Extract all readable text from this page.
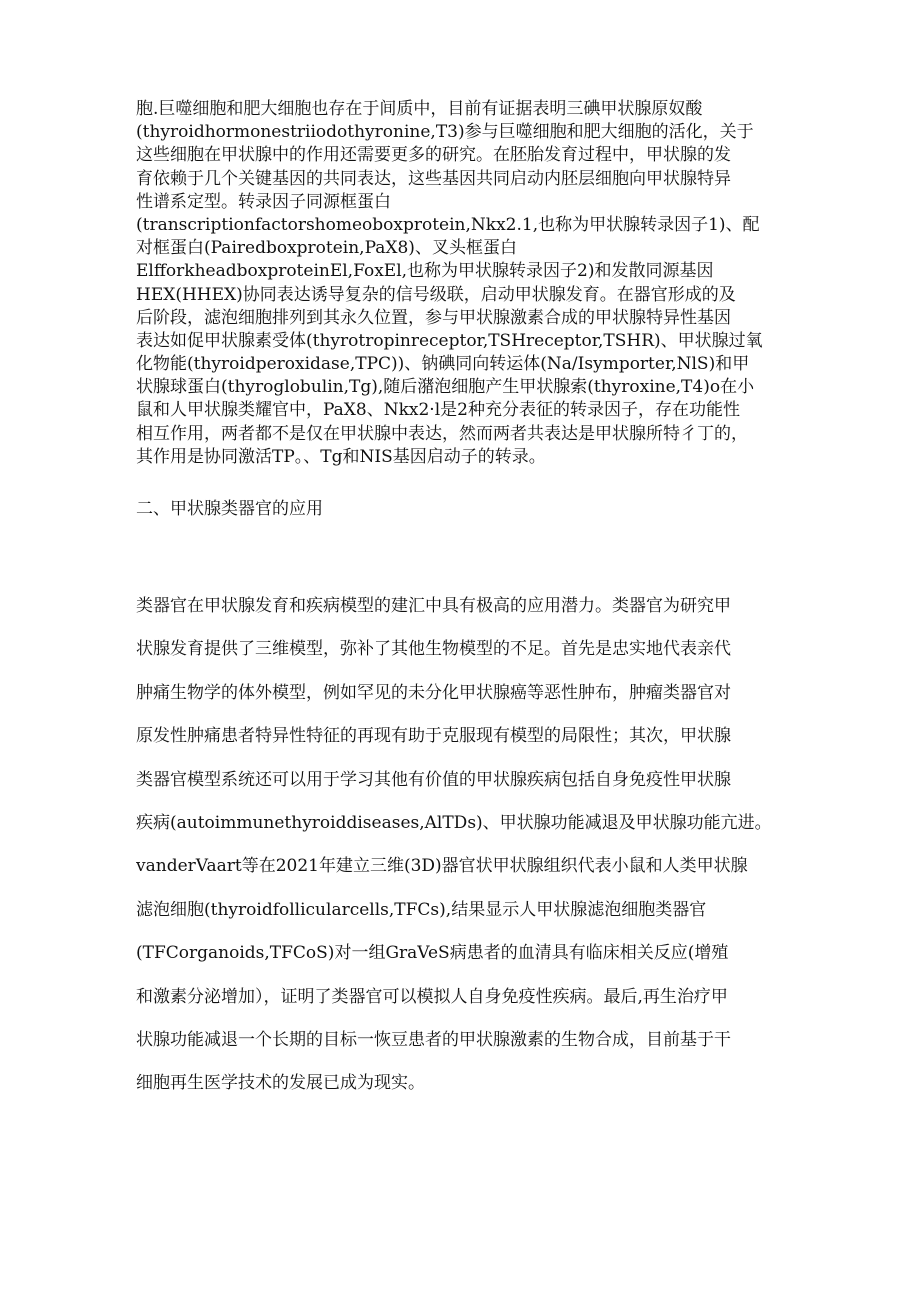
胞.巨噬细胞和肥大细胞也存在于间质中，目前有证据表明三碘甲状腺原奴酸
(thyroidhormonestriiodothyronine,T3)参与巨噬细胞和肥大细胞的活化，关于
这些细胞在甲状腺中的作用还需要更多的研究。在胚胎发育过程中，甲状腺的发
育依赖于几个关键基因的共同表达，这些基因共同启动内胚层细胞向甲状腺特异
性谱系定型。转录因子同源框蛋白
(transcriptionfactorshomeoboxprotein,Nkx2.1,也称为甲状腺转录因子1)、配
对框蛋白(Pairedboxprotein,PaX8)、叉头框蛋白
ElfforkheadboxproteinEl,FoxEl,也称为甲状腺转录因子2)和发散同源基因
HEX(HHEX)协同表达诱导复杂的信号级联，启动甲状腺发育。在器官形成的及
后阶段，滤泡细胞排列到其永久位置，参与甲状腺激素合成的甲状腺特异性基因
表达如促甲状腺素受体(thyrotropinreceptor,TSHreceptor,TSHR)、甲状腺过氧
化物能(thyroidperoxidase,TPC))、钠碘同向转运体(Na/Isymporter,NlS)和甲
状腺球蛋白(thyroglobulin,Tg),随后潴泡细胞产生甲状腺索(thyroxine,T4)o在小
鼠和人甲状腺类耀官中，PaX8、Nkx2·l是2种充分表征的转录因子，存在功能性
相互作用，两者都不是仅在甲状腺中表达，然而两者共表达是甲状腺所特彳丁的，
其作用是协同激活TP。、Tg和NIS基因启动子的转录。
二、甲状腺类器官的应用
类器官在甲状腺发育和疾病模型的建汇中具有极高的应用潜力。类器官为研究甲
状腺发育提供了三维模型，弥补了其他生物模型的不足。首先是忠实地代表亲代
肿痛生物学的体外模型，例如罕见的未分化甲状腺癌等恶性肿布，肿瘤类器官对
原发性肿痛患者特异性特征的再现有助于克服现有模型的局限性；其次，甲状腺
类器官模型系统还可以用于学习其他有价值的甲状腺疾病包括自身免疫性甲状腺
疾病(autoimmunethyroiddiseases,AlTDs)、甲状腺功能减退及甲状腺功能亢进。
vanderVaart等在2021年建立三维(3D)器官状甲状腺组织代表小鼠和人类甲状腺
滤泡细胞(thyroidfollicularcells,TFCs),结果显示人甲状腺滤泡细胞类器官
(TFCorganoids,TFCoS)对一组GraVeS病患者的血清具有临床相关反应(增殖
和激素分泌增加），证明了类器官可以模拟人自身免疫性疾病。最后,再生治疗甲
状腺功能减退一个长期的目标一恢豆患者的甲状腺激素的生物合成，目前基于干
细胞再生医学技术的发展已成为现实。
